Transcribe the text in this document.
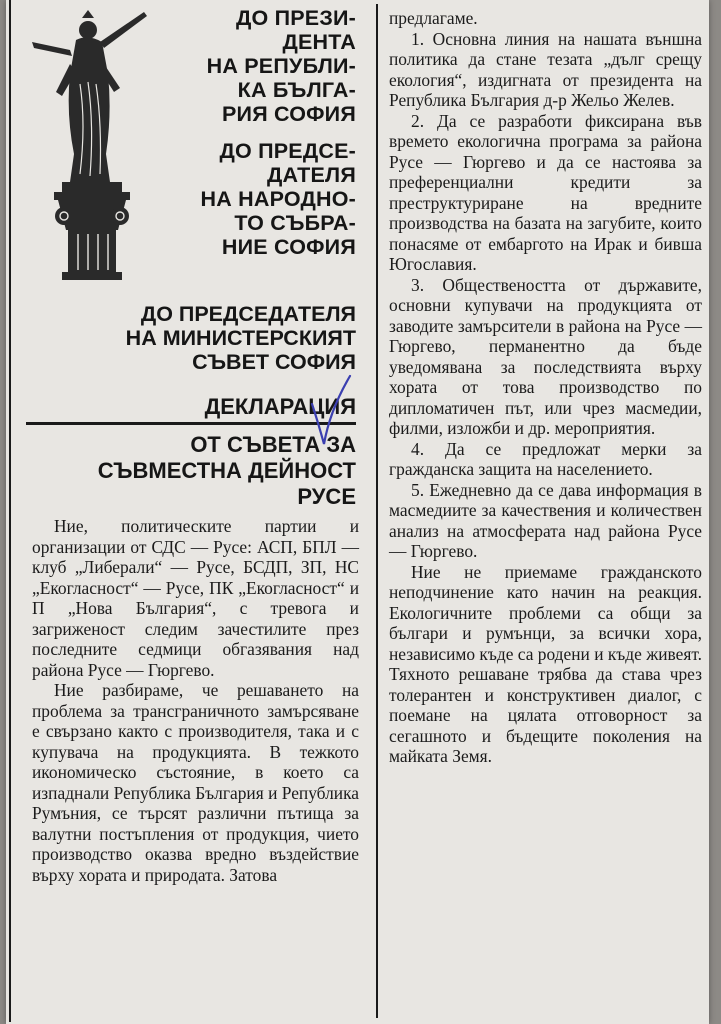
ДО ПРЕЗИ-
ДЕНТА
НА РЕПУБЛИ-
КА БЪЛГА-
РИЯ СОФИЯ
ДО ПРЕДСЕ-
ДАТЕЛЯ
НА НАРОДНО-
ТО СЪБРА-
НИЕ СОФИЯ
ДО ПРЕДСЕДАТЕЛЯ
НА МИНИСТЕРСКИЯТ
СЪВЕТ СОФИЯ
ДЕКЛАРАЦИЯ
ОТ СЪВЕТА ЗА
СЪВМЕСТНА ДЕЙНОСТ
РУСЕ

Ние, политическите партии и организации от СДС — Русе: АСП, БПЛ — клуб „Либерали“ — Русе, БСДП, ЗП, НС „Екогласност“ — Русе, ПК „Екогласност“ и П „Нова България“, с тревога и загриженост следим зачестилите през последните седмици обгазявания над района Русе — Гюргево.

Ние разбираме, че решаването на проблема за трансграничното замърсяване е свързано както с производителя, така и с купувача на продукцията. В тежкото икономическо състояние, в което са изпаднали Република България и Република Румъния, се търсят различни пътища за валутни постъпления от продукция, чието производство оказва вредно въздействие върху хората и природата. Затова

предлагаме.

1. Основна линия на нашата външна политика да стане тезата „дълг срещу екология“, издигната от президента на Република България д-р Жельо Желев.

2. Да се разработи фиксирана във времето екологична програма за района Русе — Гюргево и да се настоява за преференциални кредити за преструктуриране на вредните производства на базата на загубите, които понасяме от ембаргото на Ирак и бивша Югославия.

3. Обществеността от държавите, основни купувачи на продукцията от заводите замърсители в района на Русе — Гюргево, перманентно да бъде уведомявана за последствията върху хората от това производство по дипломатичен път, или чрез масмедии, филми, изложби и др. мероприятия.

4. Да се предложат мерки за гражданска защита на населението.

5. Ежедневно да се дава информация в масмедиите за качествения и количествен анализ на атмосферата над района Русе — Гюргево.

Ние не приемаме гражданското неподчинение като начин на реакция. Екологичните проблеми са общи за българи и румънци, за всички хора, независимо къде са родени и къде живеят. Тяхното решаване трябва да става чрез толерантен и конструктивен диалог, с поемане на цялата отговорност за сегашното и бъдещите поколения на майката Земя.
